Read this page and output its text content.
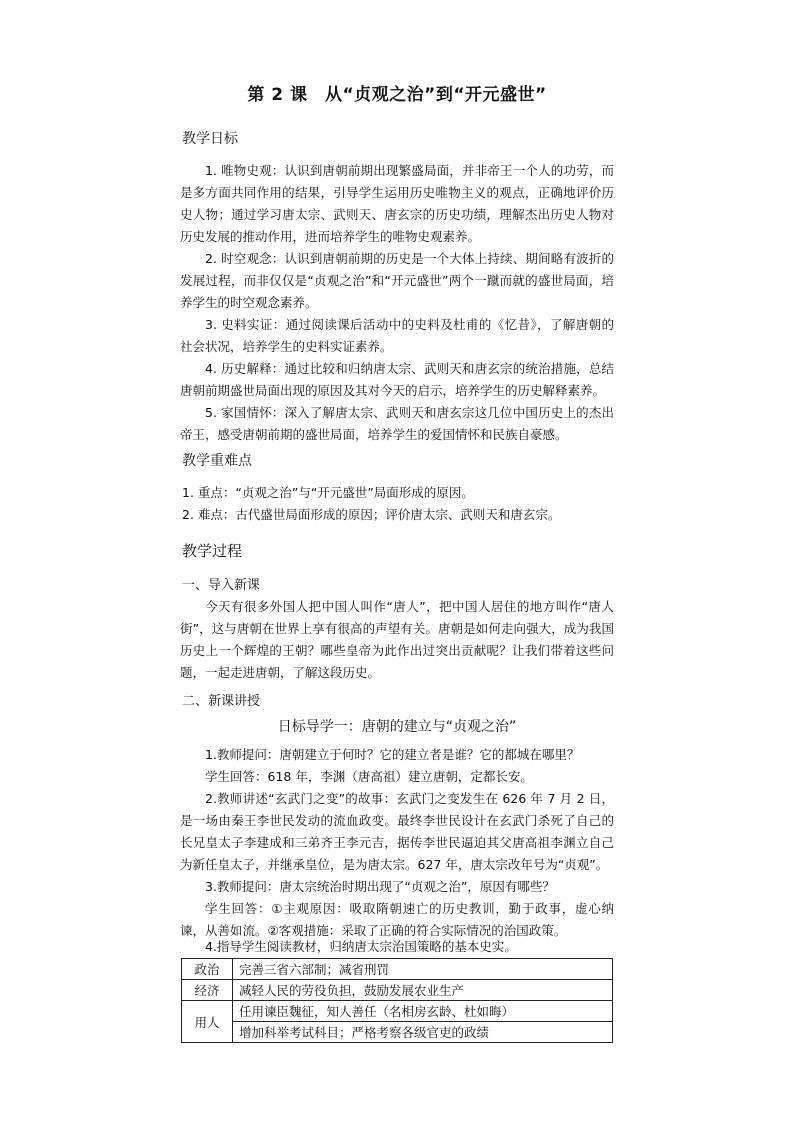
第 2 课　从“贞观之治”到“开元盛世”
教学日标
1. 唯物史观：认识到唐朝前期出现繁盛局面，并非帝王一个人的功劳，而是多方面共同作用的结果，引导学生运用历史唯物主义的观点，正确地评价历史人物；通过学习唐太宗、武则天、唐玄宗的历史功绩，理解杰出历史人物对历史发展的推动作用，进而培养学生的唯物史观素养。
2. 时空观念：认识到唐朝前期的历史是一个大体上持续、期间略有波折的发展过程，而非仅仅是“贞观之治”和“开元盛世”两个一蹴而就的盛世局面，培养学生的时空观念素养。
3. 史料实证：通过阅读课后活动中的史料及杜甫的《忆昔》，了解唐朝的社会状况，培养学生的史料实证素养。
4. 历史解释：通过比较和归纳唐太宗、武则天和唐玄宗的统治措施，总结唐朝前期盛世局面出现的原因及其对今天的启示，培养学生的历史解释素养。
5. 家国情怀：深入了解唐太宗、武则天和唐玄宗这几位中国历史上的杰出帝王，感受唐朝前期的盛世局面，培养学生的爱国情怀和民族自豪感。
教学重难点
1. 重点：“贞观之治”与“开元盛世”局面形成的原因。
2. 难点：古代盛世局面形成的原因；评价唐太宗、武则天和唐玄宗。
教学过程
一、导入新课
今天有很多外国人把中国人叫作“唐人”，把中国人居住的地方叫作“唐人街”，这与唐朝在世界上享有很高的声望有关。唐朝是如何走向强大，成为我国历史上一个辉煌的王朝？哪些皇帝为此作出过突出贡献呢？让我们带着这些问题，一起走进唐朝，了解这段历史。
二、新课讲授
日标导学一：唐朝的建立与“贞观之治”
1.教师提问：唐朝建立于何时？它的建立者是谁？它的都城在哪里？
学生回答：618 年，李渊（唐高祖）建立唐朝，定都长安。
2.教师讲述“玄武门之变”的故事：玄武门之变发生在 626 年 7 月 2 日，是一场由秦王李世民发动的流血政变。最终李世民设计在玄武门杀死了自己的长兄皇太子李建成和三弟齐王李元吉，据传李世民逼迫其父唐高祖李渊立自己为新任皇太子，并继承皇位，是为唐太宗。627 年，唐太宗改年号为“贞观”。
3.教师提问：唐太宗统治时期出现了“贞观之治”，原因有哪些？
学生回答：①主观原因：吸取隋朝速亡的历史教训，勤于政事，虚心纳谏，从善如流。②客观措施：采取了正确的符合实际情况的治国政策。
4.指导学生阅读教材，归纳唐太宗治国策略的基本史实。
政治	完善三省六部制；减省刑罚
经济	减轻人民的劳役负担，鼓励发展农业生产
用人	任用谏臣魏征，知人善任（名相房玄龄、杜如晦）
	增加科举考试科目；严格考察各级官吏的政绩
